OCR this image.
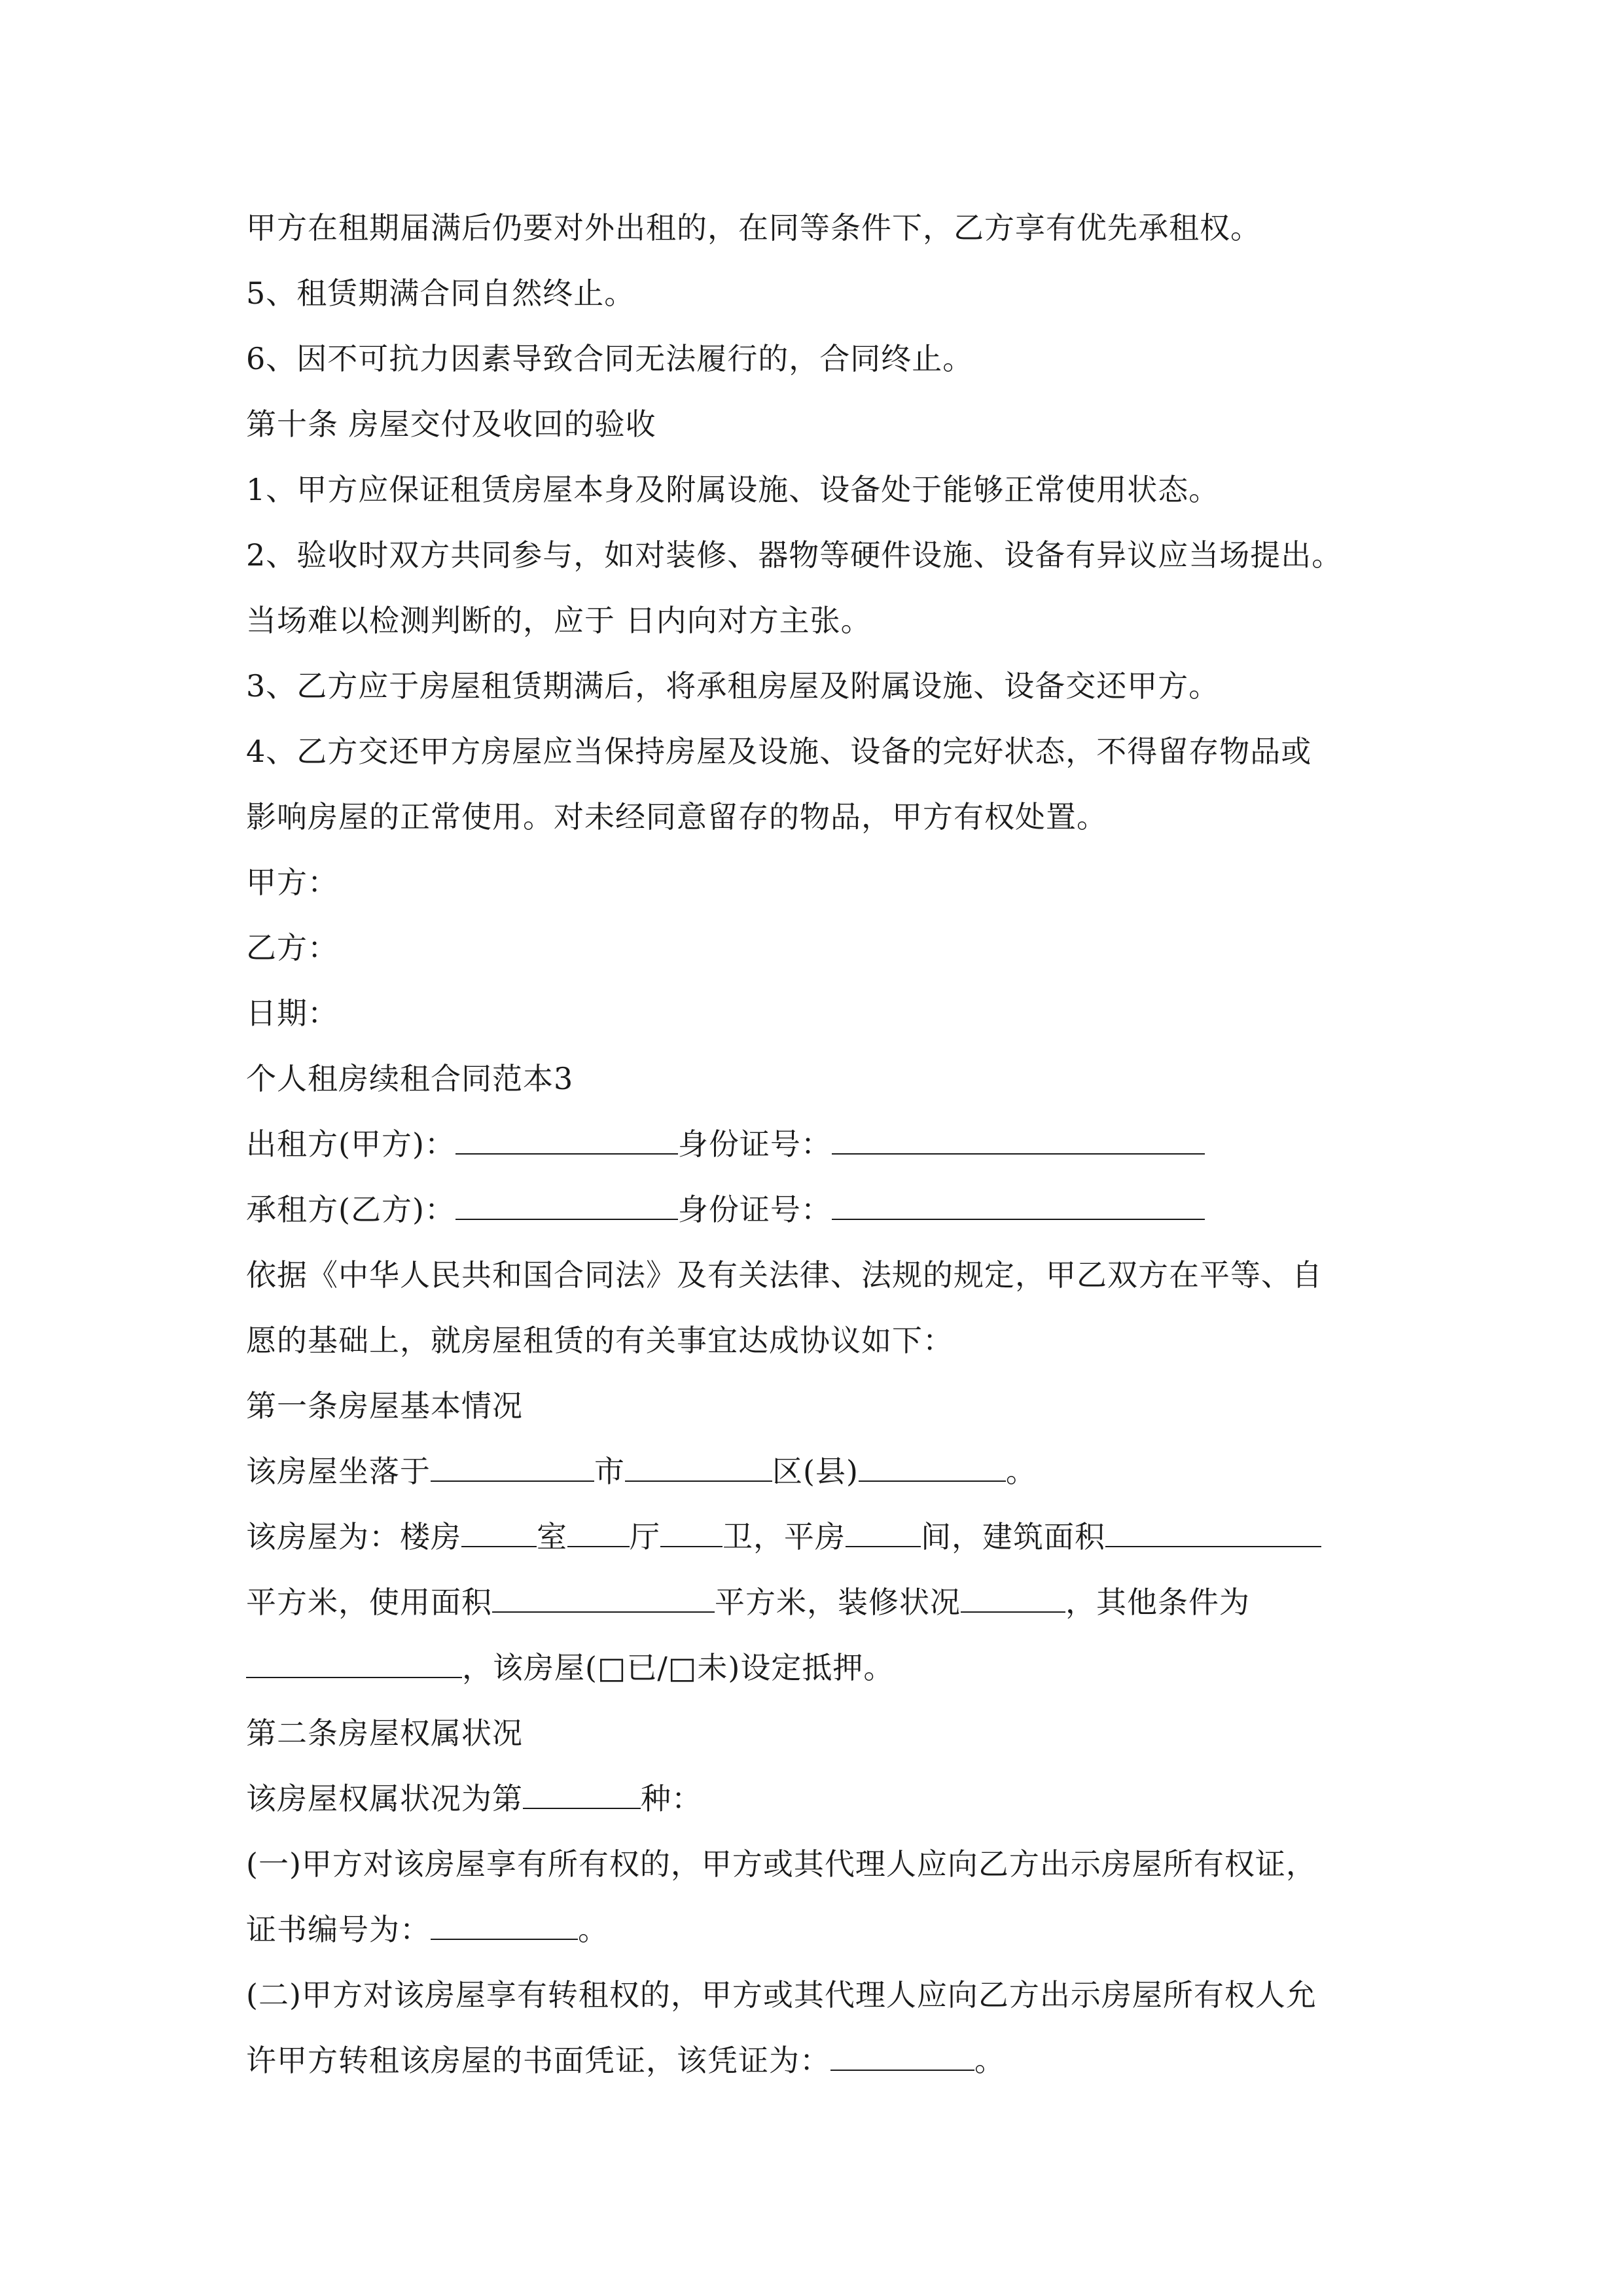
甲方在租期届满后仍要对外出租的，在同等条件下，乙方享有优先承租权。
5、租赁期满合同自然终止。
6、因不可抗力因素导致合同无法履行的，合同终止。
第十条 房屋交付及收回的验收
1、甲方应保证租赁房屋本身及附属设施、设备处于能够正常使用状态。
2、验收时双方共同参与，如对装修、器物等硬件设施、设备有异议应当场提出。
当场难以检测判断的，应于 日内向对方主张。
3、乙方应于房屋租赁期满后，将承租房屋及附属设施、设备交还甲方。
4、乙方交还甲方房屋应当保持房屋及设施、设备的完好状态，不得留存物品或
影响房屋的正常使用。对未经同意留存的物品，甲方有权处置。
甲方：
乙方：
日期：
个人租房续租合同范本3
出租方(甲方)：	身份证号：
承租方(乙方)：	身份证号：
依据《中华人民共和国合同法》及有关法律、法规的规定，甲乙双方在平等、自
愿的基础上，就房屋租赁的有关事宜达成协议如下：
第一条房屋基本情况
该房屋坐落于	市	区(县)	。
该房屋为：楼房	室 厅 卫，平房	间，建筑面积
平方米，使用面积	平方米，装修状况	，其他条件为
，该房屋(□已/□未)设定抵押。
第二条房屋权属状况
该房屋权属状况为第	种：
(一)甲方对该房屋享有所有权的，甲方或其代理人应向乙方出示房屋所有权证，
证书编号为：	。
(二)甲方对该房屋享有转租权的，甲方或其代理人应向乙方出示房屋所有权人允
许甲方转租该房屋的书面凭证，该凭证为：	。
